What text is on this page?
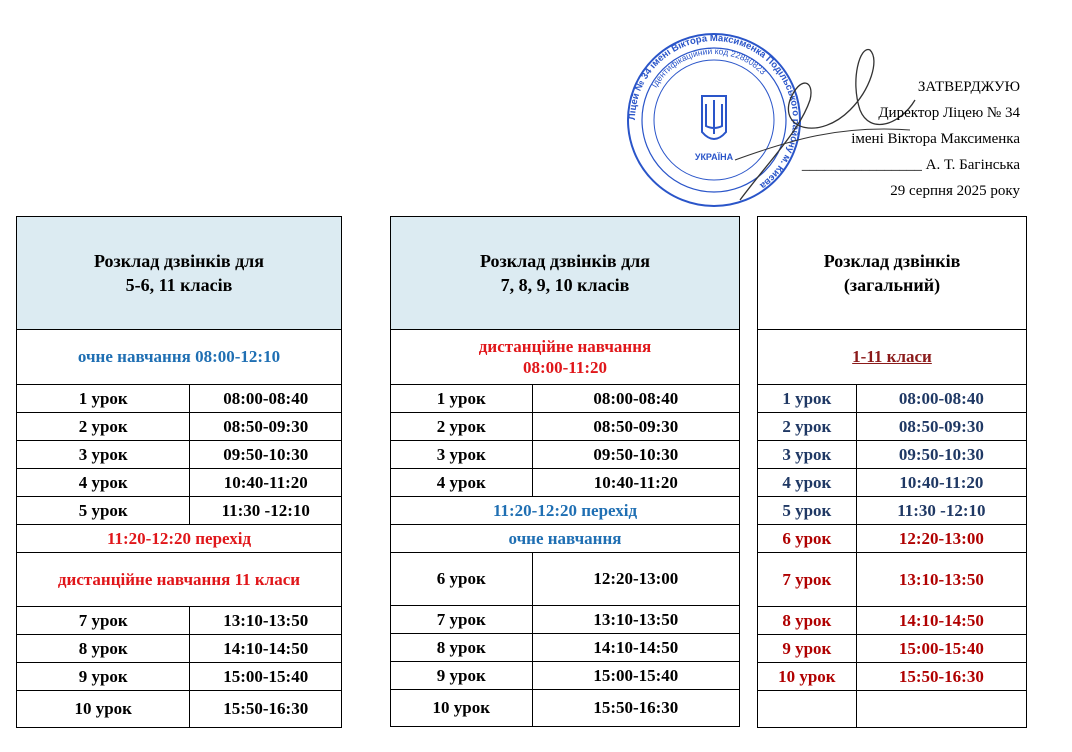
Ліцей № 34 імені Віктора Максименка Подільського району м. Києва
Ідентифікаційний код 22880823
УКРАЇНА
ЗАТВЕРДЖУЮ
Директор Ліцею № 34
імені Віктора Максименка
________________ А. Т. Багінська
29 серпня 2025 року
Розклад дзвінків для
5-6, 11 класів	
очне навчання 08:00-12:10	
1 урок	08:00-08:40
2 урок	08:50-09:30
3 урок	09:50-10:30
4 урок	10:40-11:20
5 урок	11:30 -12:10
11:20-12:20 перехід	
дистанційне навчання 11 класи	
7 урок	13:10-13:50
8 урок	14:10-14:50
9 урок	15:00-15:40
10 урок	15:50-16:30
Розклад дзвінків для
7, 8, 9, 10 класів	
дистанційне навчання
08:00-11:20	
1 урок	08:00-08:40
2 урок	08:50-09:30
3 урок	09:50-10:30
4 урок	10:40-11:20
11:20-12:20 перехід	
очне навчання	
6 урок	12:20-13:00
7 урок	13:10-13:50
8 урок	14:10-14:50
9 урок	15:00-15:40
10 урок	15:50-16:30
Розклад дзвінків
(загальний)	
1-11 класи	
1 урок	08:00-08:40
2 урок	08:50-09:30
3 урок	09:50-10:30
4 урок	10:40-11:20
5 урок	11:30 -12:10
6 урок	12:20-13:00
7 урок	13:10-13:50
8 урок	14:10-14:50
9 урок	15:00-15:40
10 урок	15:50-16:30
